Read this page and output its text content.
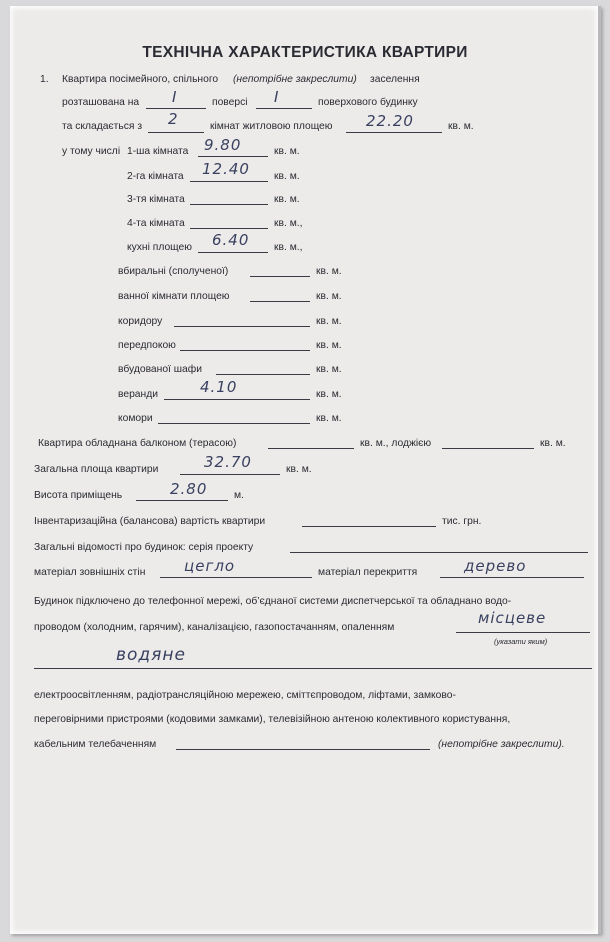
ТЕХНІЧНА ХАРАКТЕРИСТИКА КВАРТИРИ
1. Квартира посімейного, спільного (непотрібне закреслити) заселення
розташована на I	поверсі I	поверхового будинку
та складається з 2	кімнат житловою площею 22.20	кв. м.
у тому числі 1-ша кімната 9.80	кв. м.
2-га кімната 12.40 кв. м.
3-тя кімната	кв. м.
4-та кімната	кв. м.,
кухні площею 6.40 кв. м.,
вбиральні (сполученої)	кв. м.
ванної кімнати площею	кв. м.
коридору	кв. м.
передпокою	кв. м.
вбудованої шафи	кв. м.
веранди	4.10	кв. м.
комори	кв. м.
Квартира обладнана балконом (терасою)	кв. м., лоджією	кв. м.
Загальна площа квартири	32.70	кв. м.
Висота приміщень	2.80	м.
Інвентаризаційна (балансова) вартість квартири	тис. грн.
Загальні відомості про будинок: серія проекту
матеріал зовнішніх стін	цегло	матеріал перекриття	дерево
Будинок підключено до телефонної мережі, об’єднаної системи диспетчерської та обладнано водо-
проводом (холодним, гарячим), каналізацією, газопостачанням, опаленням
місцеве
(указати яким)
водяне
електроосвітленням, радіотрансляційною мережею, сміттєпроводом, ліфтами, замково-
переговірними пристроями (кодовими замками), телевізійною антеною колективного користування,
кабельним телебаченням	(непотрібне закреслити).
